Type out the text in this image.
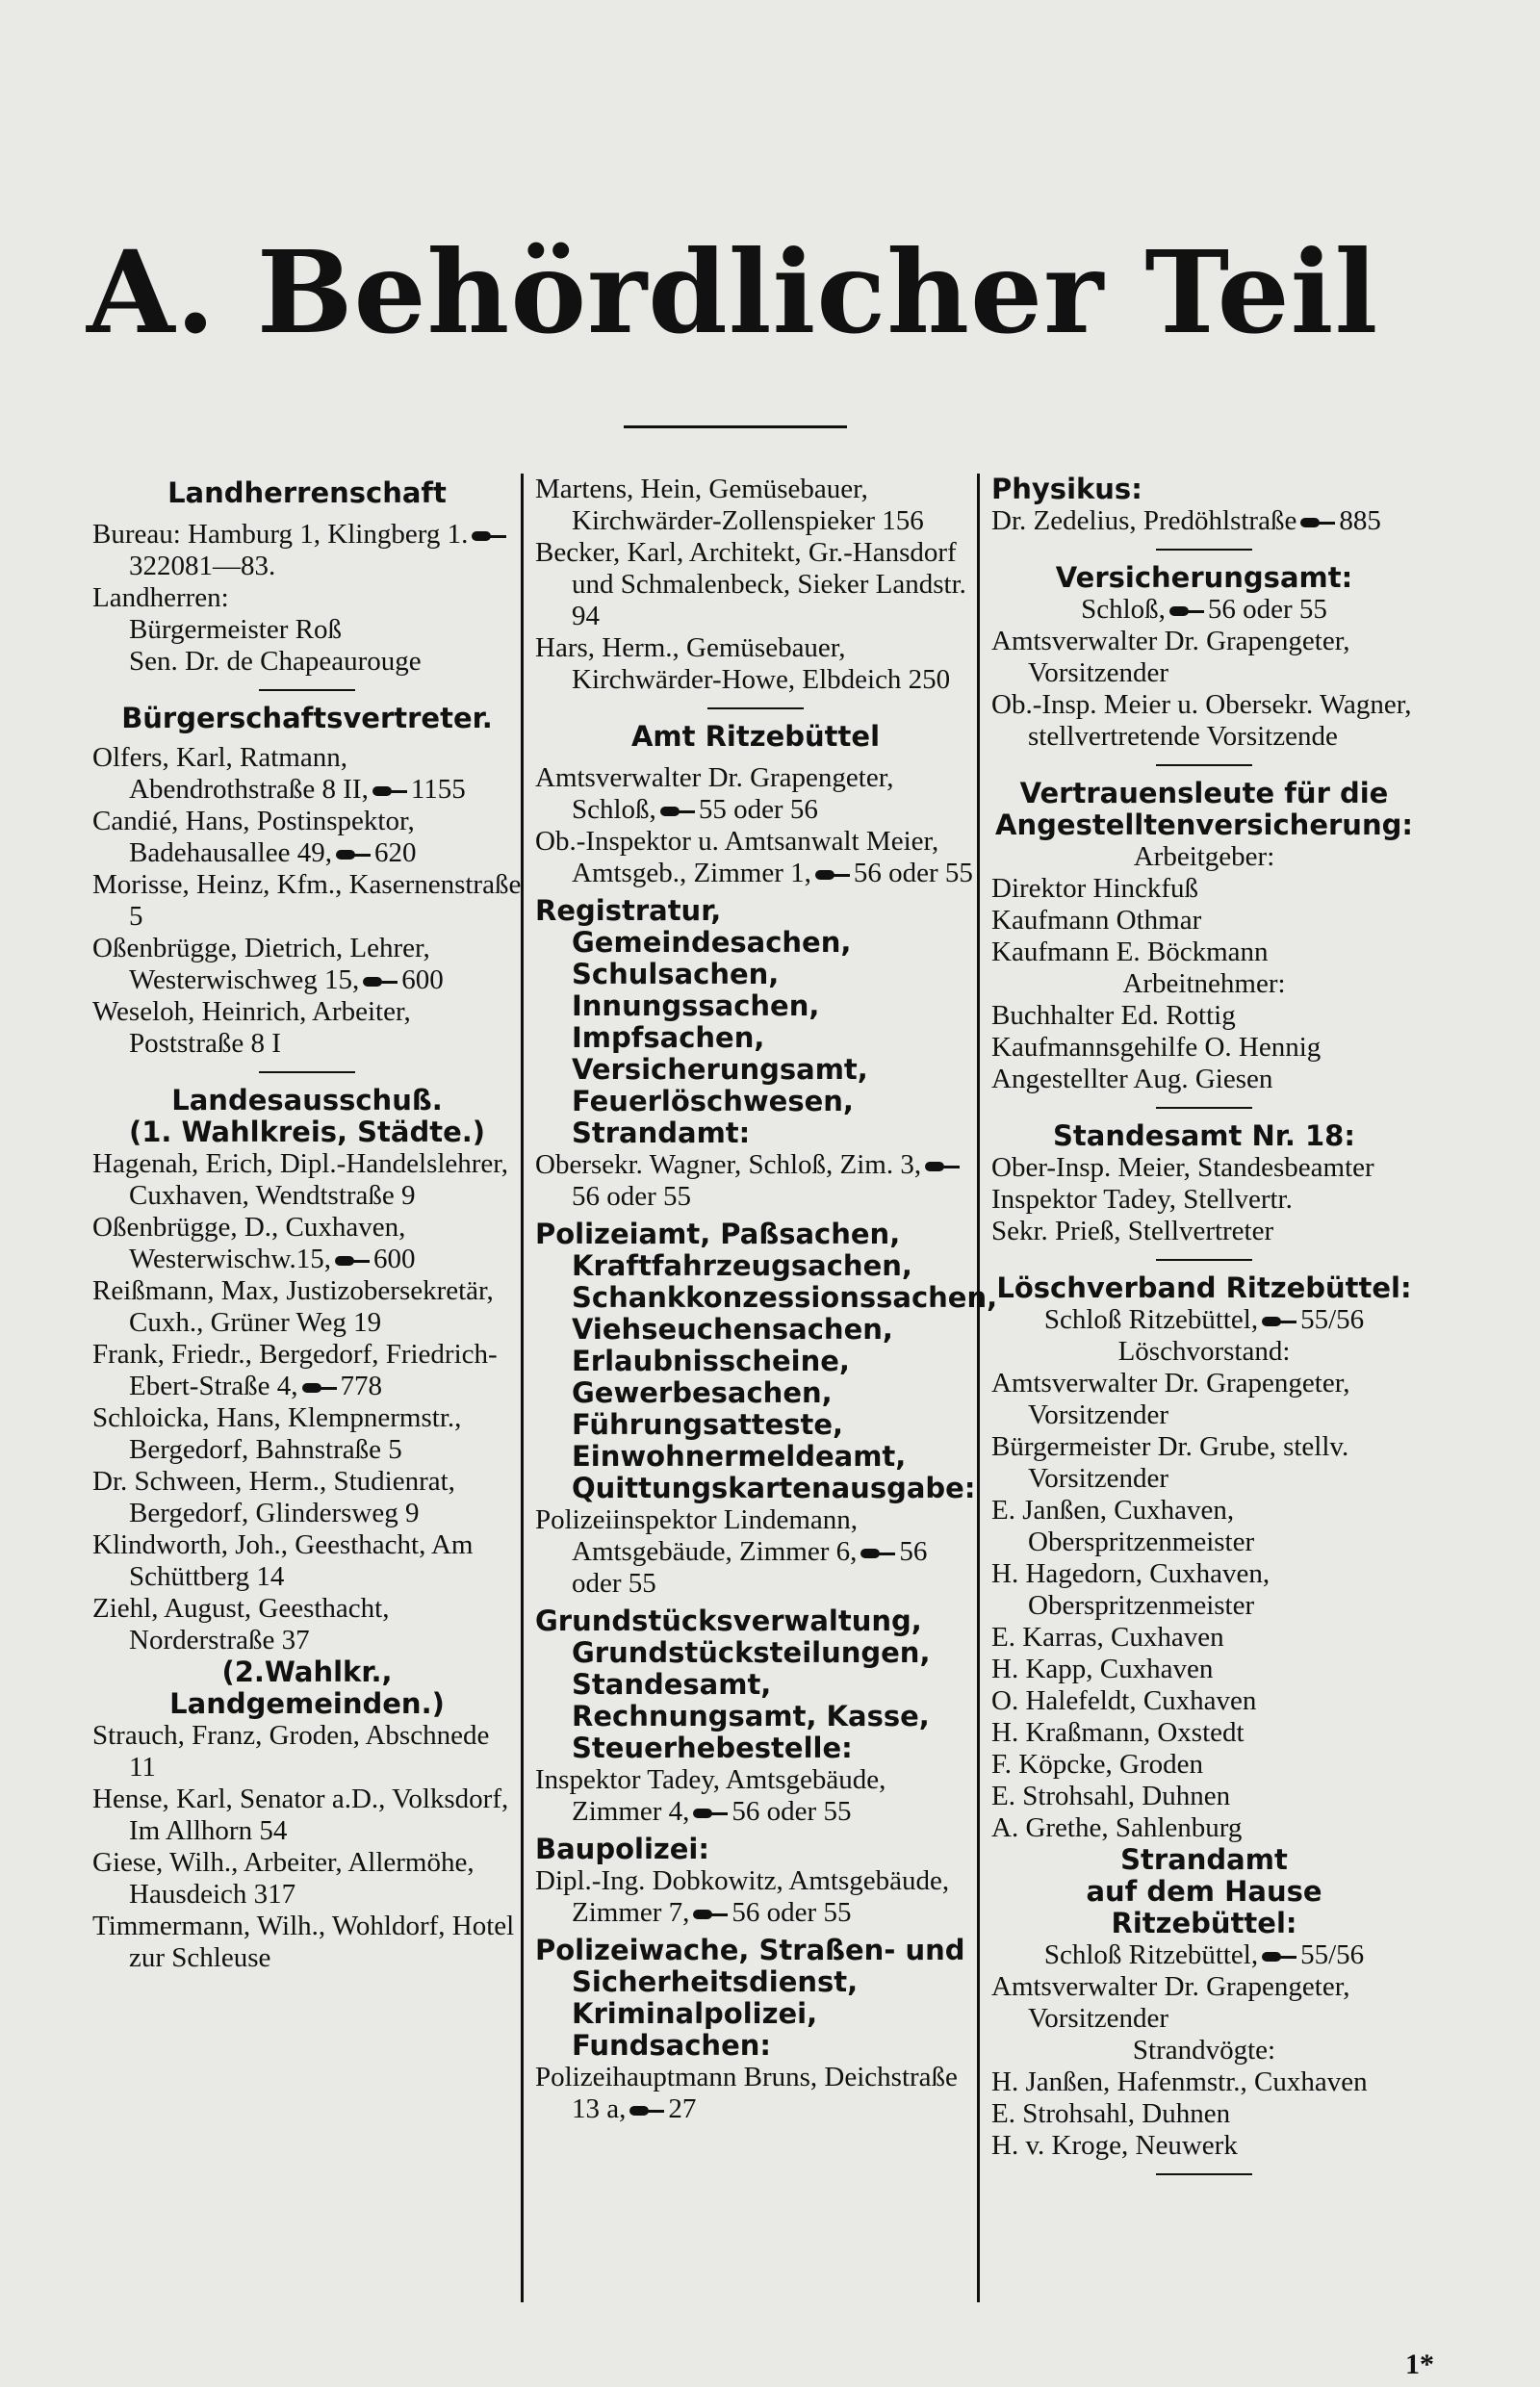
A. Behördlicher Teil
Landherrenschaft
Bureau: Hamburg 1, Klingberg 1.322081—83.
Landherren:
Bürgermeister Roß
Sen. Dr. de Chapeaurouge
Bürgerschaftsvertreter.
Olfers, Karl, Ratmann, Abendrothstraße 8 II, 1155
Candié, Hans, Postinspektor, Badehausallee 49, 620
Morisse, Heinz, Kfm., Kasernenstraße 5
Oßenbrügge, Dietrich, Lehrer, Westerwischweg 15, 600
Weseloh, Heinrich, Arbeiter, Poststraße 8 I
Landesausschuß.
(1. Wahlkreis, Städte.)
Hagenah, Erich, Dipl.-Handelslehrer, Cuxhaven, Wendtstraße 9
Oßenbrügge, D., Cuxhaven, Westerwischw.15, 600
Reißmann, Max, Justizobersekretär, Cuxh., Grüner Weg 19
Frank, Friedr., Bergedorf, Friedrich-Ebert-Straße 4, 778
Schloicka, Hans, Klempnermstr., Bergedorf, Bahnstraße 5
Dr. Schween, Herm., Studienrat, Bergedorf, Glindersweg 9
Klindworth, Joh., Geesthacht, Am Schüttberg 14
Ziehl, August, Geesthacht, Norderstraße 37
(2.Wahlkr., Landgemeinden.)
Strauch, Franz, Groden, Abschnede 11
Hense, Karl, Senator a.D., Volksdorf, Im Allhorn 54
Giese, Wilh., Arbeiter, Allermöhe, Hausdeich 317
Timmermann, Wilh., Wohldorf, Hotel zur Schleuse
Martens, Hein, Gemüsebauer, Kirchwärder-Zollenspieker 156
Becker, Karl, Architekt, Gr.-Hansdorf und Schmalenbeck, Sieker Landstr. 94
Hars, Herm., Gemüsebauer, Kirchwärder-Howe, Elbdeich 250
Amt Ritzebüttel
Amtsverwalter Dr. Grapengeter, Schloß, 55 oder 56
Ob.-Inspektor u. Amtsanwalt Meier, Amtsgeb., Zimmer 1, 56 oder 55
Registratur, Gemeindesachen, Schulsachen, Innungssachen, Impfsachen, Versicherungsamt, Feuerlöschwesen, Strandamt:
Obersekr. Wagner, Schloß, Zim. 3,56 oder 55
Polizeiamt, Paßsachen, Kraftfahrzeugsachen, Schankkonzessionssachen, Viehseuchensachen, Erlaubnisscheine, Gewerbesachen, Führungsatteste, Einwohnermeldeamt, Quittungskartenausgabe:
Polizeiinspektor Lindemann, Amtsgebäude, Zimmer 6, 56 oder 55
Grundstücksverwaltung, Grundstücksteilungen, Standesamt, Rechnungsamt, Kasse, Steuerhebestelle:
Inspektor Tadey, Amtsgebäude, Zimmer 4, 56 oder 55
Baupolizei:
Dipl.-Ing. Dobkowitz, Amtsgebäude, Zimmer 7, 56 oder 55
Polizeiwache, Straßen- und Sicherheitsdienst, Kriminalpolizei, Fundsachen:
Polizeihauptmann Bruns, Deichstraße 13 a, 27
Physikus:
Dr. Zedelius, Predöhlstraße 885
Versicherungsamt:
Schloß, 56 oder 55
Amtsverwalter Dr. Grapengeter, Vorsitzender
Ob.-Insp. Meier u. Obersekr. Wagner, stellvertretende Vorsitzende
Vertrauensleute für die Angestelltenversicherung:
Arbeitgeber:
Direktor Hinckfuß
Kaufmann Othmar
Kaufmann E. Böckmann
Arbeitnehmer:
Buchhalter Ed. Rottig
Kaufmannsgehilfe O. Hennig
Angestellter Aug. Giesen
Standesamt Nr. 18:
Ober-Insp. Meier, Standesbeamter
Inspektor Tadey, Stellvertr.
Sekr. Prieß, Stellvertreter
Löschverband Ritzebüttel:
Schloß Ritzebüttel, 55/56
Löschvorstand:
Amtsverwalter Dr. Grapengeter, Vorsitzender
Bürgermeister Dr. Grube, stellv. Vorsitzender
E. Janßen, Cuxhaven, Oberspritzenmeister
H. Hagedorn, Cuxhaven, Oberspritzenmeister
E. Karras, Cuxhaven
H. Kapp, Cuxhaven
O. Halefeldt, Cuxhaven
H. Kraßmann, Oxstedt
F. Köpcke, Groden
E. Strohsahl, Duhnen
A. Grethe, Sahlenburg
Strandamt
auf dem Hause Ritzebüttel:
Schloß Ritzebüttel, 55/56
Amtsverwalter Dr. Grapengeter, Vorsitzender
Strandvögte:
H. Janßen, Hafenmstr., Cuxhaven
E. Strohsahl, Duhnen
H. v. Kroge, Neuwerk
1*
